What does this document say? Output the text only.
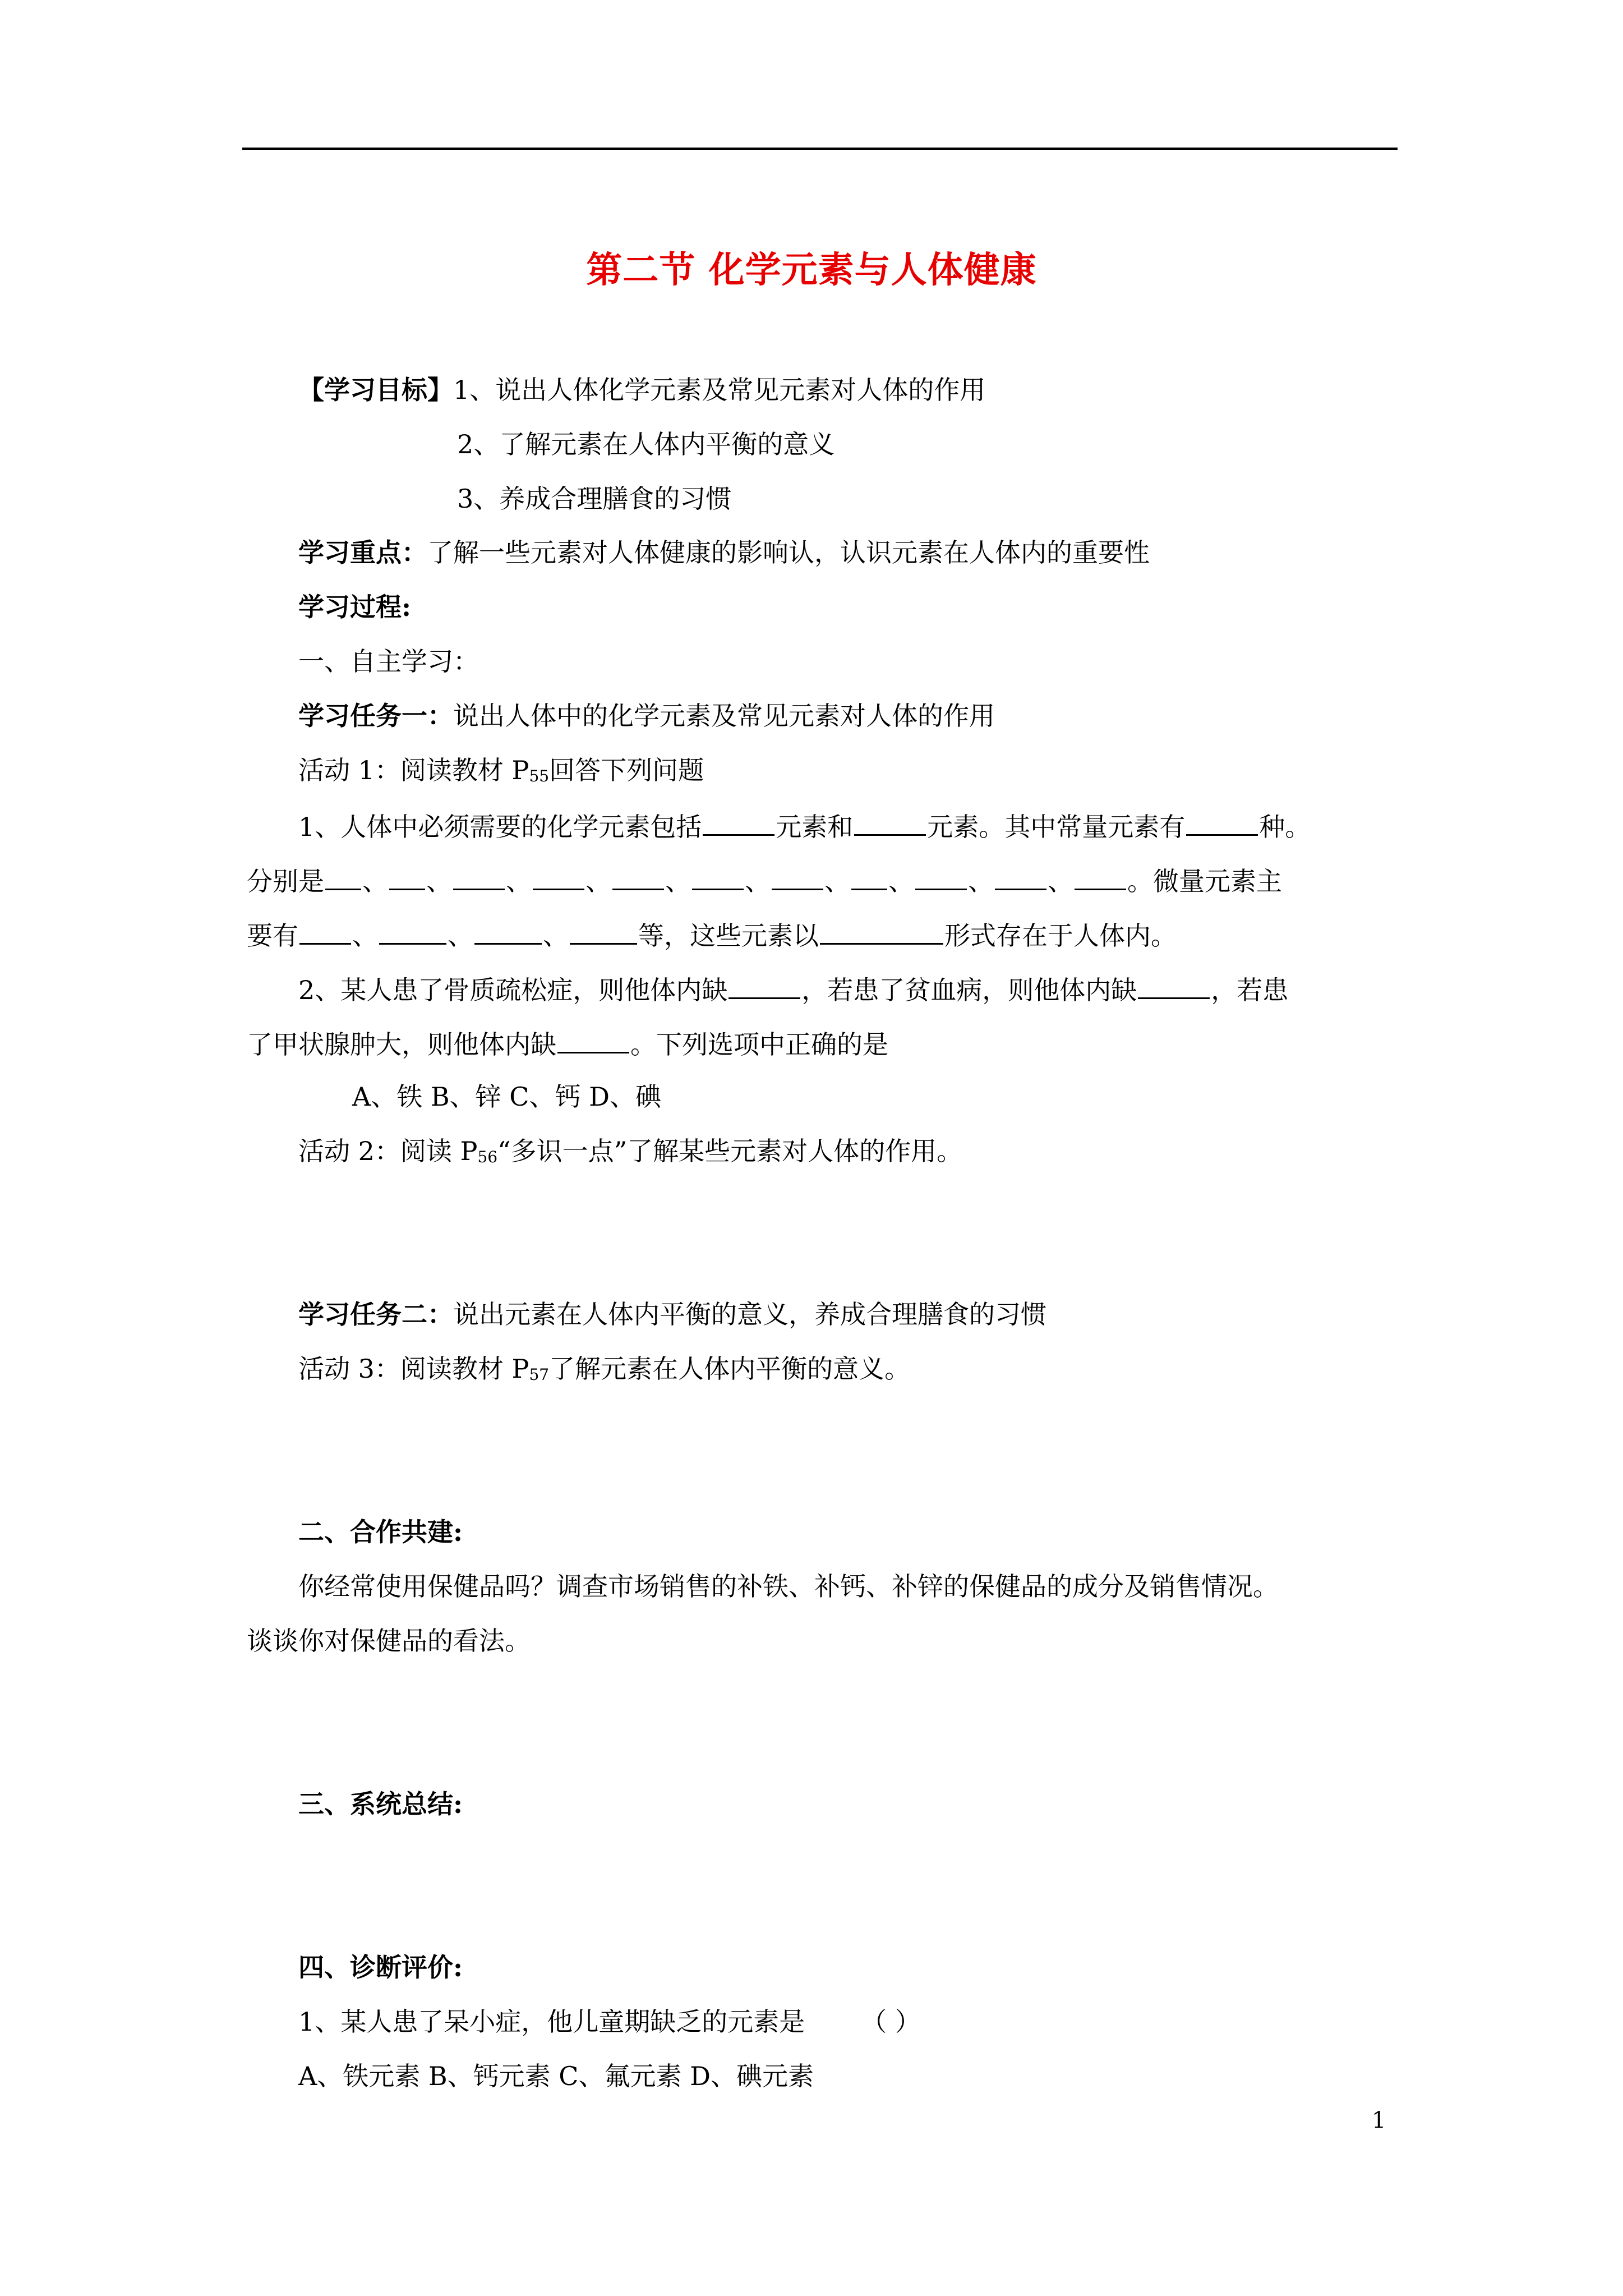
第二节 化学元素与人体健康
【学习目标】1、说出人体化学元素及常见元素对人体的作用
2、了解元素在人体内平衡的意义
3、养成合理膳食的习惯
学习重点：了解一些元素对人体健康的影响认，认识元素在人体内的重要性
学习过程:
一、自主学习：
学习任务一：说出人体中的化学元素及常见元素对人体的作用
活动 1：阅读教材 P55回答下列问题
1、人体中必须需要的化学元素包括	元素和	元素。其中常量元素有	种。
分别是 、 、 、 、 、 、 、 、 、 、 。微量元素主
要有 、	、	、	等，这些元素以	形式存在于人体内。
2、某人患了骨质疏松症，则他体内缺	，若患了贫血病，则他体内缺	，若患
了甲状腺肿大，则他体内缺	。下列选项中正确的是
A、铁 B、锌 C、钙 D、碘
活动 2：阅读 P56“多识一点”了解某些元素对人体的作用。
学习任务二：说出元素在人体内平衡的意义，养成合理膳食的习惯
活动 3：阅读教材 P57了解元素在人体内平衡的意义。
二、合作共建:
你经常使用保健品吗？调查市场销售的补铁、补钙、补锌的保健品的成分及销售情况。
谈谈你对保健品的看法。
三、系统总结:
四、诊断评价:
1、某人患了呆小症，他儿童期缺乏的元素是 （ ）
A、铁元素 B、钙元素 C、氟元素 D、碘元素
1
